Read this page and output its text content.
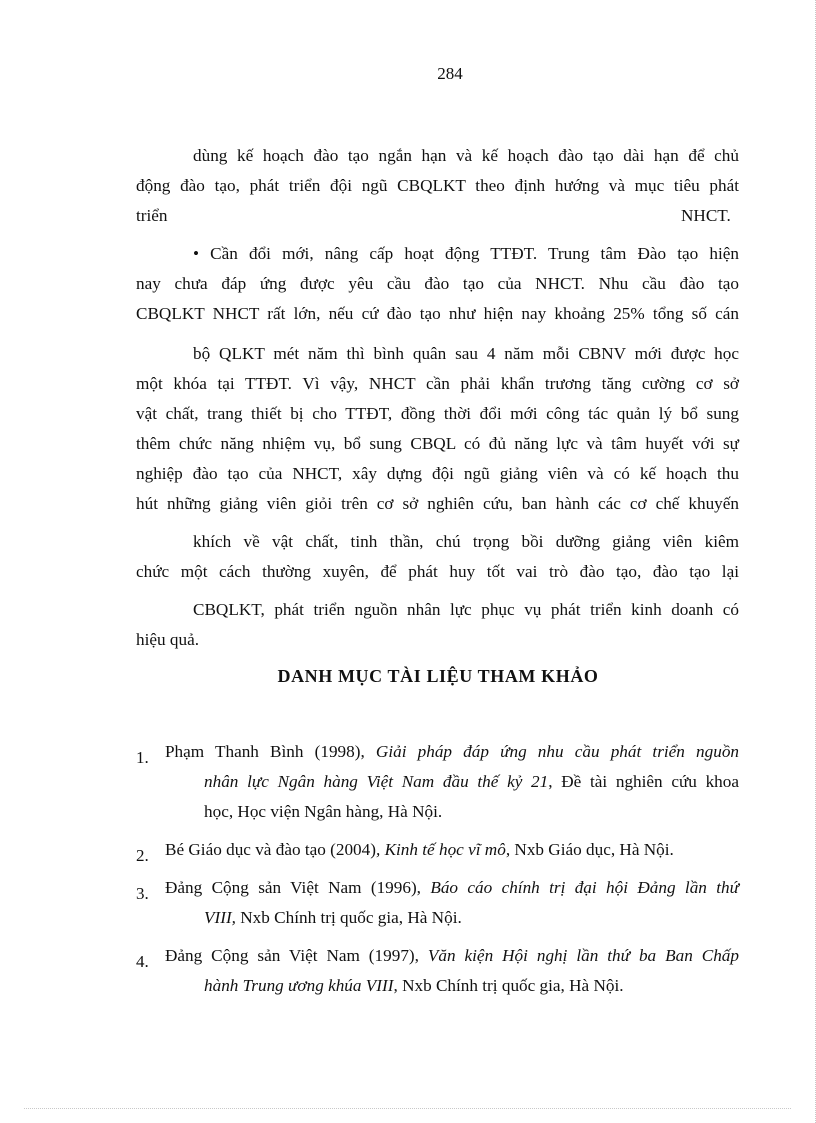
284
dùng kế hoạch đào tạo ngắn hạn và kế hoạch đào tạo dài hạn để chủ
động đào tạo, phát triển đội ngũ CBQLKT theo định hướng và mục tiêu phát
triển	NHCT.
• Cần đổi mới, nâng cấp hoạt động TTĐT. Trung tâm Đào tạo hiện
nay chưa đáp ứng được yêu cầu đào tạo của NHCT. Nhu cầu đào tạo
CBQLKT NHCT rất lớn, nếu cứ đào tạo như hiện nay khoảng 25% tổng số cán
bộ QLKT mét năm thì bình quân sau 4 năm mỗi CBNV mới được học
một khóa tại TTĐT. Vì vậy, NHCT cần phải khẩn trương tăng cường cơ sở
vật chất, trang thiết bị cho TTĐT, đồng thời đổi mới công tác quản lý bổ sung
thêm chức năng nhiệm vụ, bổ sung CBQL có đủ năng lực và tâm huyết với sự
nghiệp đào tạo của NHCT, xây dựng đội ngũ giảng viên và có kế hoạch thu
hút những giảng viên giỏi trên cơ sở nghiên cứu, ban hành các cơ chế khuyến
khích về vật chất, tinh thần, chú trọng bồi dưỡng giảng viên kiêm
chức một cách thường xuyên, để phát huy tốt vai trò đào tạo, đào tạo lại
CBQLKT, phát triển nguồn nhân lực phục vụ phát triển kinh doanh có
hiệu quả.
DANH MỤC TÀI LIỆU THAM KHẢO
1. Phạm Thanh Bình (1998), Giải pháp đáp ứng nhu cầu phát triển nguồn
nhân lực Ngân hàng Việt Nam đầu thế kỷ 21, Đề tài nghiên cứu khoa
học, Học viện Ngân hàng, Hà Nội.
2. Bé Giáo dục và đào tạo (2004), Kinh tế học vĩ mô, Nxb Giáo dục, Hà Nội.
3. Đảng Cộng sản Việt Nam (1996), Báo cáo chính trị đại hội Đảng lần thứ
VIII, Nxb Chính trị quốc gia, Hà Nội.
4. Đảng Cộng sản Việt Nam (1997), Văn kiện Hội nghị lần thứ ba Ban Chấp
hành Trung ương khúa VIII, Nxb Chính trị quốc gia, Hà Nội.
